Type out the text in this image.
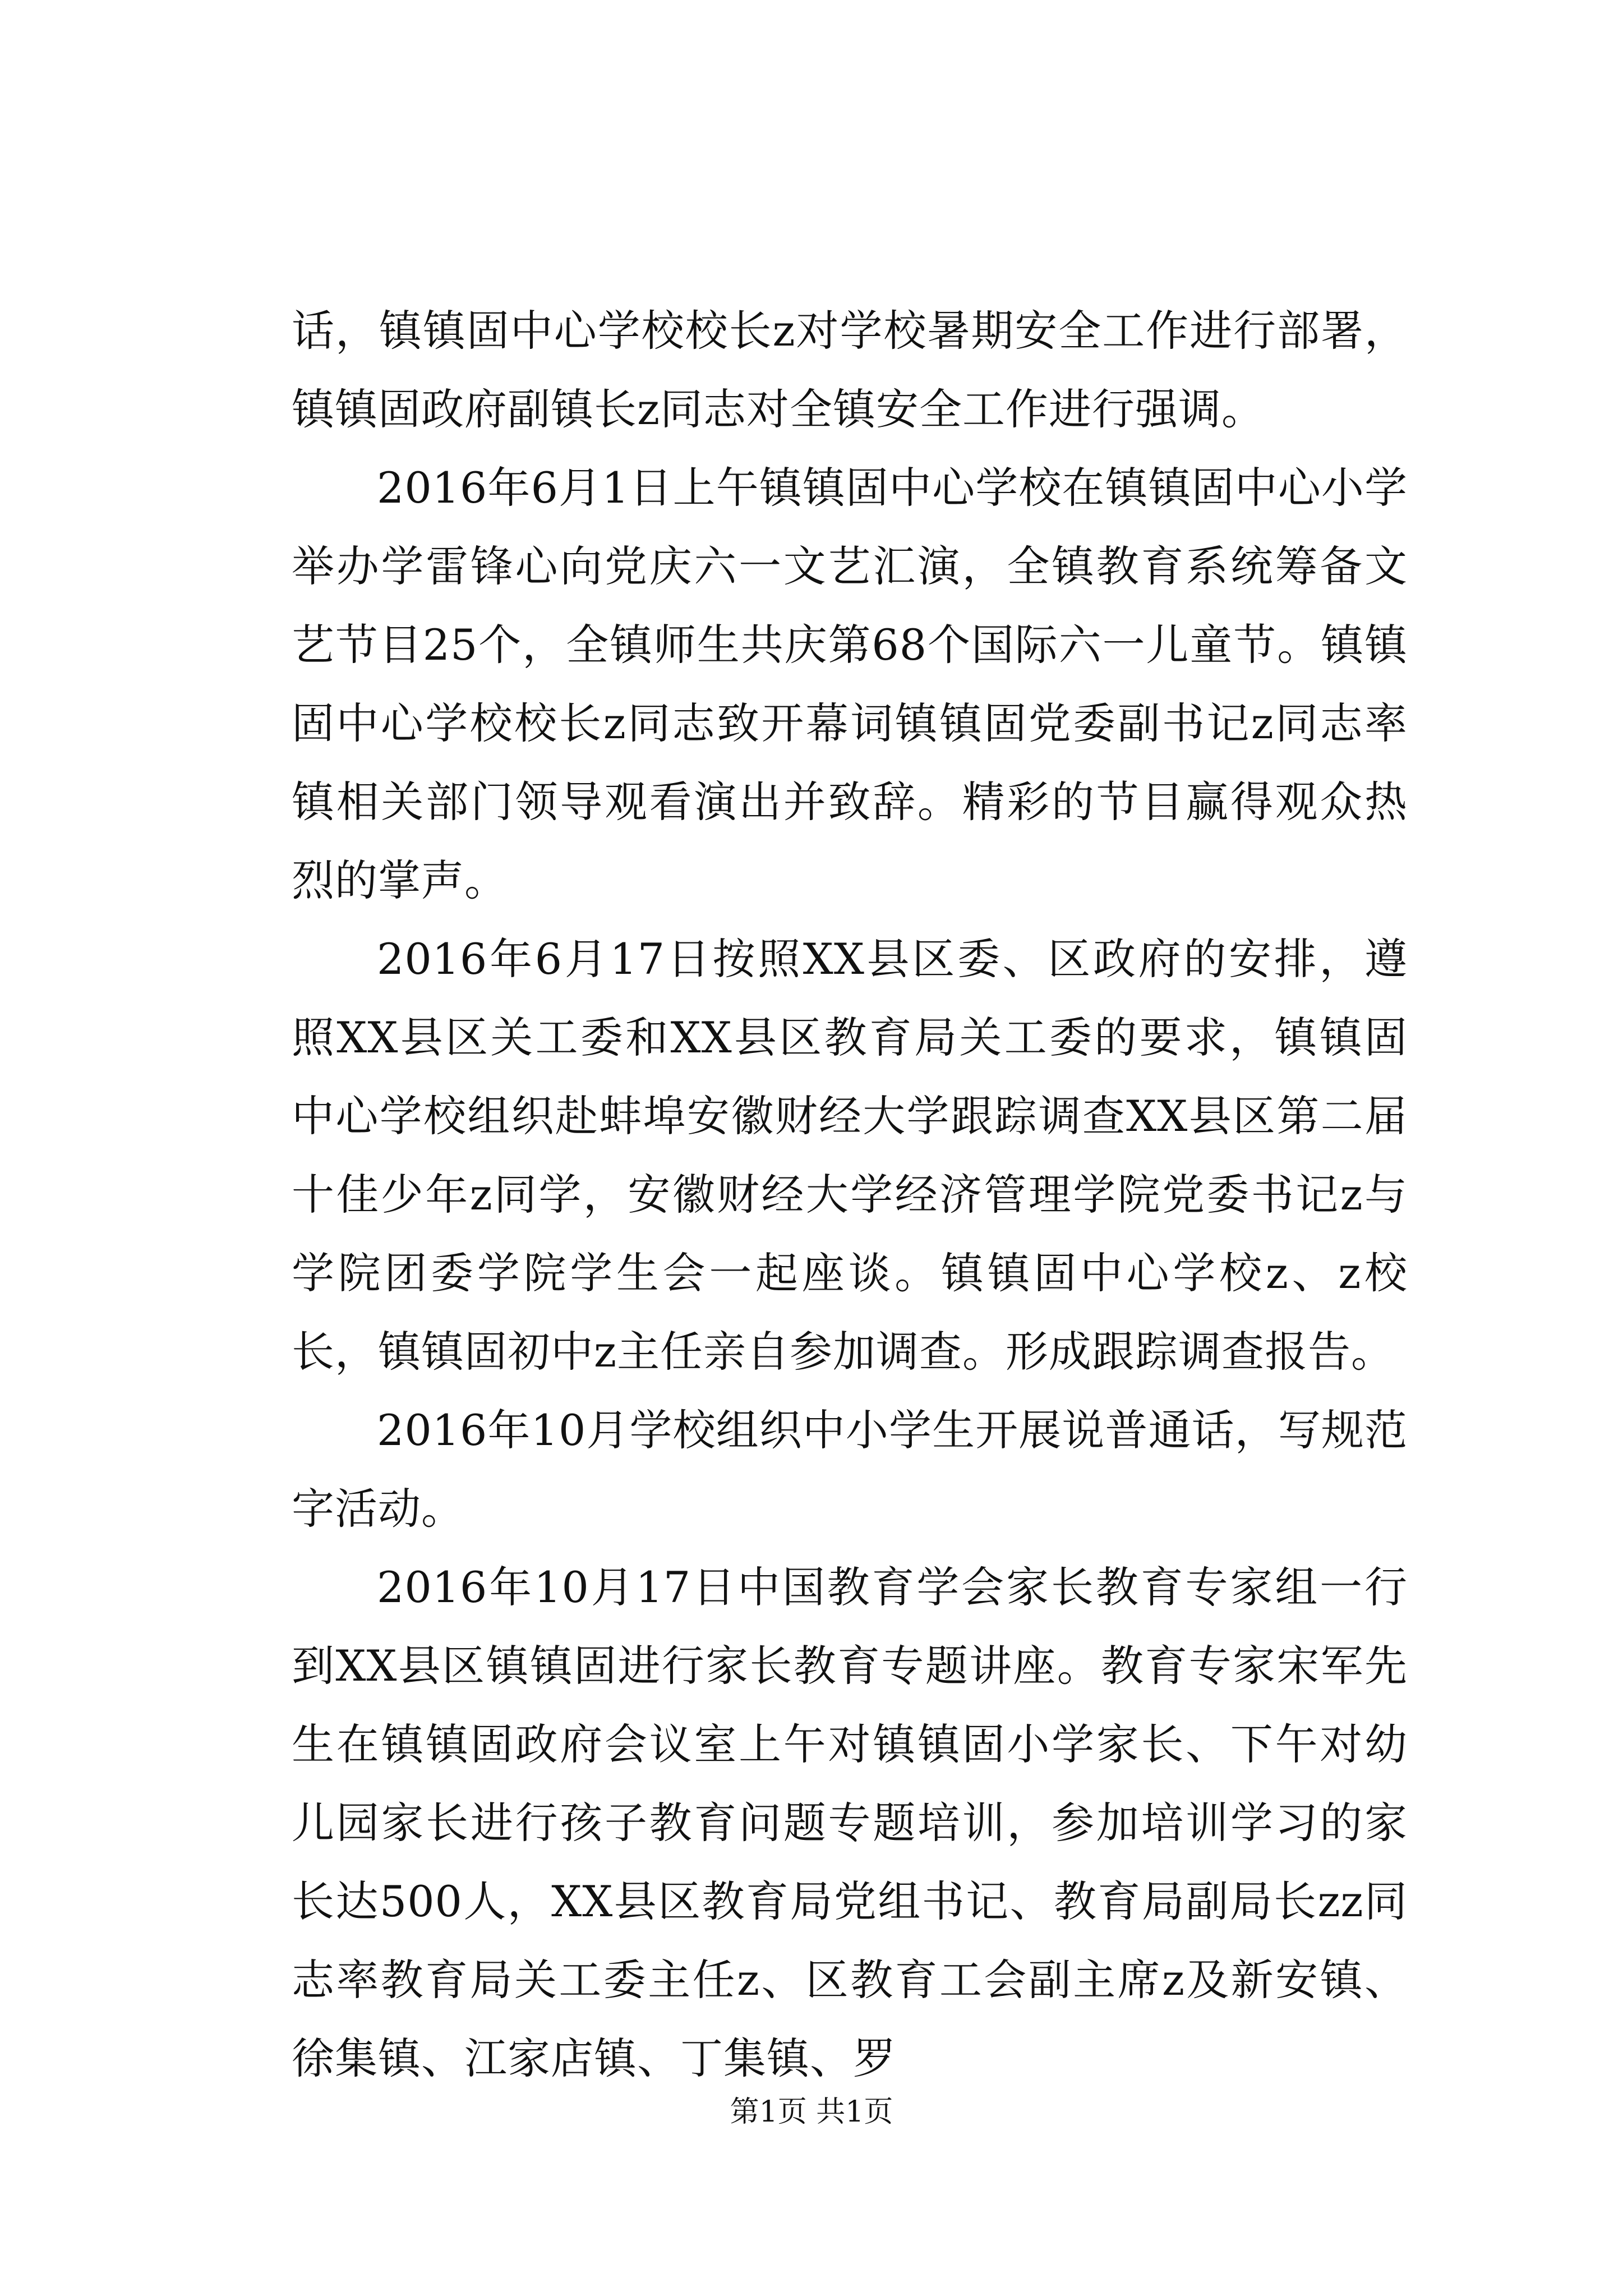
话，镇镇固中心学校校长z对学校暑期安全工作进行部署，镇镇固政府副镇长z同志对全镇安全工作进行强调。

2016年6月1日上午镇镇固中心学校在镇镇固中心小学举办学雷锋心向党庆六一文艺汇演，全镇教育系统筹备文艺节目25个，全镇师生共庆第68个国际六一儿童节。镇镇固中心学校校长z同志致开幕词镇镇固党委副书记z同志率镇相关部门领导观看演出并致辞。精彩的节目赢得观众热烈的掌声。

2016年6月17日按照XX县区委、区政府的安排，遵照XX县区关工委和XX县区教育局关工委的要求，镇镇固中心学校组织赴蚌埠安徽财经大学跟踪调查XX县区第二届十佳少年z同学，安徽财经大学经济管理学院党委书记z与学院团委学院学生会一起座谈。镇镇固中心学校z、z校长，镇镇固初中z主任亲自参加调查。形成跟踪调查报告。

2016年10月学校组织中小学生开展说普通话，写规范字活动。

2016年10月17日中国教育学会家长教育专家组一行到XX县区镇镇固进行家长教育专题讲座。教育专家宋军先生在镇镇固政府会议室上午对镇镇固小学家长、下午对幼儿园家长进行孩子教育问题专题培训，参加培训学习的家长达500人，XX县区教育局党组书记、教育局副局长zz同志率教育局关工委主任z、区教育工会副主席z及新安镇、徐集镇、江家店镇、丁集镇、罗

第1页 共1页
